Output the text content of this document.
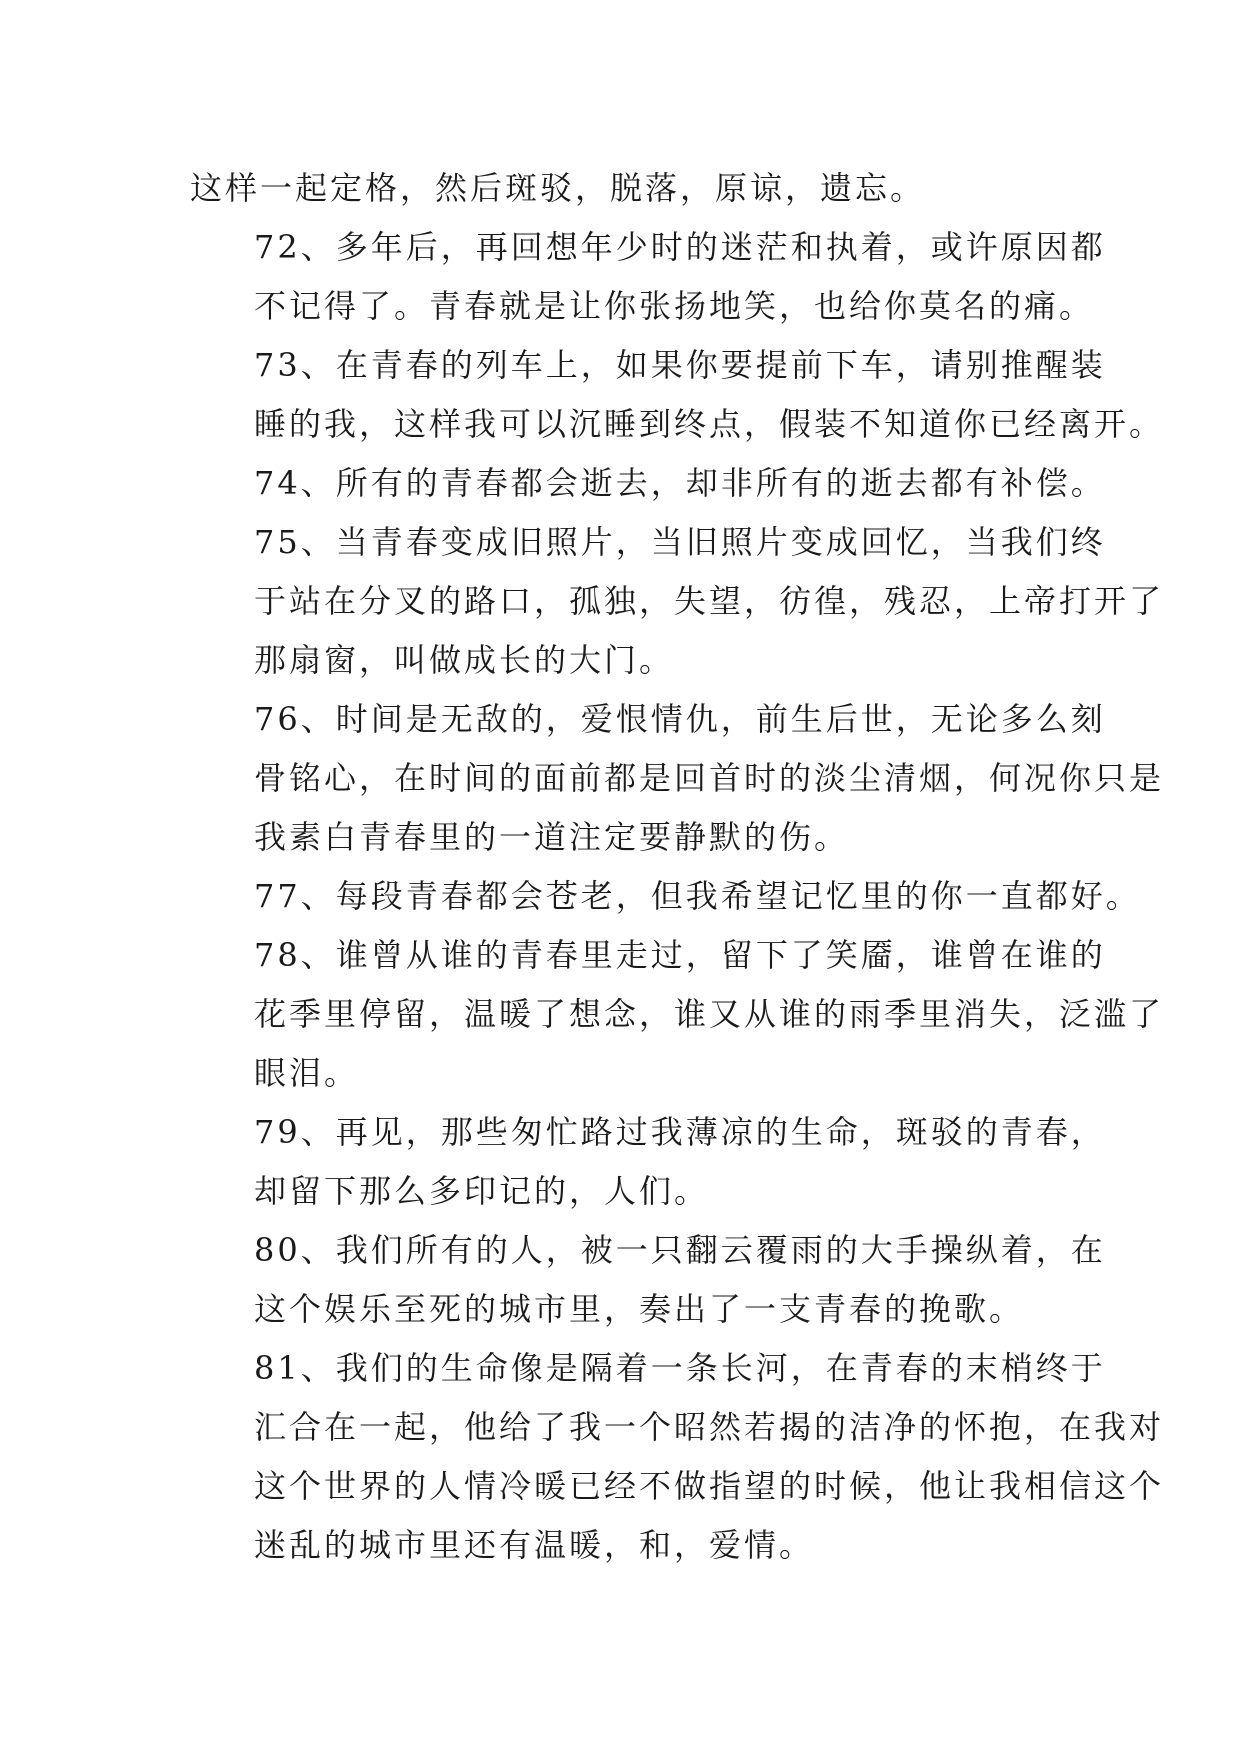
这样一起定格，然后斑驳，脱落，原谅，遗忘。
72、多年后，再回想年少时的迷茫和执着，或许原因都
不记得了。青春就是让你张扬地笑，也给你莫名的痛。
73、在青春的列车上，如果你要提前下车，请别推醒装
睡的我，这样我可以沉睡到终点，假装不知道你已经离开。
74、所有的青春都会逝去，却非所有的逝去都有补偿。
75、当青春变成旧照片，当旧照片变成回忆，当我们终
于站在分叉的路口，孤独，失望，彷徨，残忍，上帝打开了
那扇窗，叫做成长的大门。
76、时间是无敌的，爱恨情仇，前生后世，无论多么刻
骨铭心，在时间的面前都是回首时的淡尘清烟，何况你只是
我素白青春里的一道注定要静默的伤。
77、每段青春都会苍老，但我希望记忆里的你一直都好。
78、谁曾从谁的青春里走过，留下了笑靥，谁曾在谁的
花季里停留，温暖了想念，谁又从谁的雨季里消失，泛滥了
眼泪。
79、再见，那些匆忙路过我薄凉的生命，斑驳的青春，
却留下那么多印记的，人们。
80、我们所有的人，被一只翻云覆雨的大手操纵着，在
这个娱乐至死的城市里，奏出了一支青春的挽歌。
81、我们的生命像是隔着一条长河，在青春的末梢终于
汇合在一起，他给了我一个昭然若揭的洁净的怀抱，在我对
这个世界的人情冷暖已经不做指望的时候，他让我相信这个
迷乱的城市里还有温暖，和，爱情。
